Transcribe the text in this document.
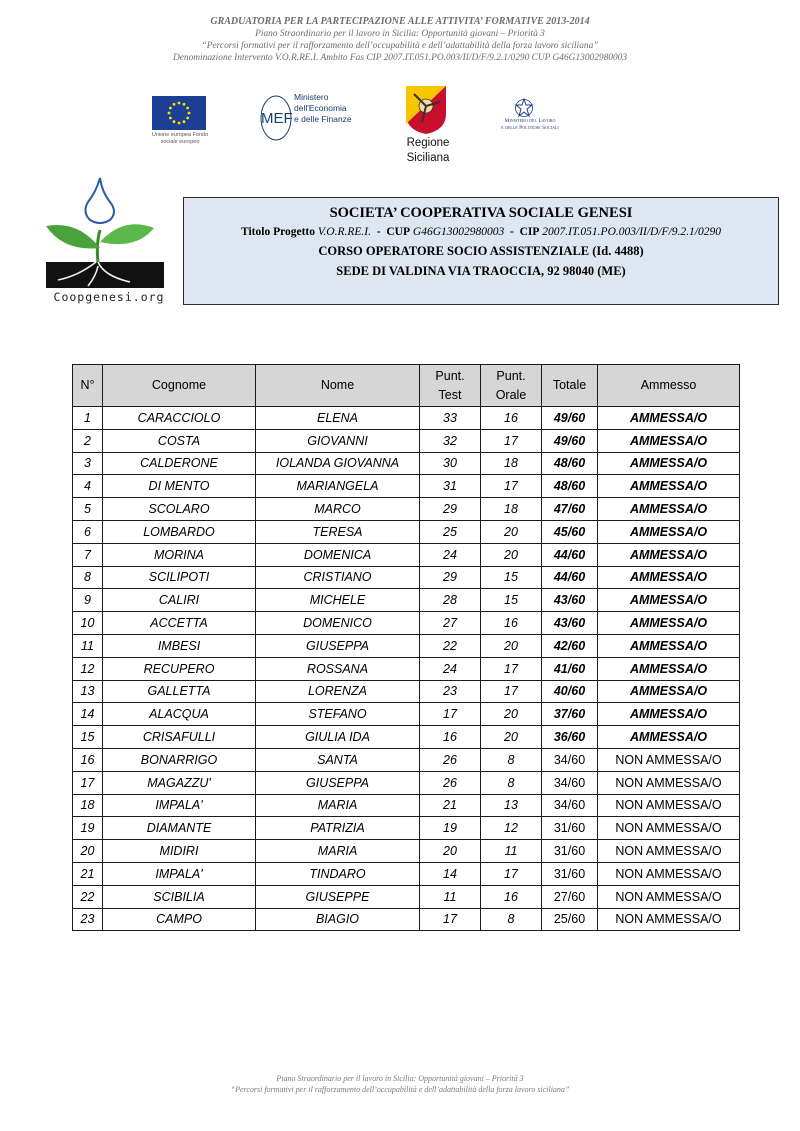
GRADUATORIA PER LA PARTECIPAZIONE ALLE ATTIVITA’ FORMATIVE 2013-2014
Piano Straordinario per il lavoro in Sicilia: Opportunità giovani – Priorità 3
“Percorsi formativi per il rafforzamento dell’occupabilità e dell’adattabilità della forza lavoro siciliana”
Denominazione Intervento V.O.R.RE.I. Ambito Fas CIP 2007.IT.051.PO.003/II/D/F/9.2.1/0290 CUP G46G13002980003
Unione europea Fondo sociale europeo
MEF
Ministero
dell'Economia
e delle Finanze
Regione
Siciliana
Ministero del Lavoro
e delle Politiche Sociali
Coopgenesi.org
SOCIETA’ COOPERATIVA SOCIALE GENESI
Titolo Progetto V.O.R.RE.I. - CUP G46G13002980003 - CIP 2007.IT.051.PO.003/II/D/F/9.2.1/0290
CORSO OPERATORE SOCIO ASSISTENZIALE (Id. 4488)
SEDE DI VALDINA VIA TRAOCCIA, 92 98040 (ME)
N°	Cognome	Nome	Punt.
Test	Punt.
Orale	Totale	Ammesso
1	CARACCIOLO	ELENA	33	16	49/60	AMMESSA/O
2	COSTA	GIOVANNI	32	17	49/60	AMMESSA/O
3	CALDERONE	IOLANDA GIOVANNA	30	18	48/60	AMMESSA/O
4	DI MENTO	MARIANGELA	31	17	48/60	AMMESSA/O
5	SCOLARO	MARCO	29	18	47/60	AMMESSA/O
6	LOMBARDO	TERESA	25	20	45/60	AMMESSA/O
7	MORINA	DOMENICA	24	20	44/60	AMMESSA/O
8	SCILIPOTI	CRISTIANO	29	15	44/60	AMMESSA/O
9	CALIRI	MICHELE	28	15	43/60	AMMESSA/O
10	ACCETTA	DOMENICO	27	16	43/60	AMMESSA/O
11	IMBESI	GIUSEPPA	22	20	42/60	AMMESSA/O
12	RECUPERO	ROSSANA	24	17	41/60	AMMESSA/O
13	GALLETTA	LORENZA	23	17	40/60	AMMESSA/O
14	ALACQUA	STEFANO	17	20	37/60	AMMESSA/O
15	CRISAFULLI	GIULIA IDA	16	20	36/60	AMMESSA/O
16	BONARRIGO	SANTA	26	8	34/60	NON AMMESSA/O
17	MAGAZZU'	GIUSEPPA	26	8	34/60	NON AMMESSA/O
18	IMPALA'	MARIA	21	13	34/60	NON AMMESSA/O
19	DIAMANTE	PATRIZIA	19	12	31/60	NON AMMESSA/O
20	MIDIRI	MARIA	20	11	31/60	NON AMMESSA/O
21	IMPALA'	TINDARO	14	17	31/60	NON AMMESSA/O
22	SCIBILIA	GIUSEPPE	11	16	27/60	NON AMMESSA/O
23	CAMPO	BIAGIO	17	8	25/60	NON AMMESSA/O
Piano Straordinario per il lavoro in Sicilia: Opportunità giovani – Priorità 3
“Percorsi formativi per il rafforzamento dell’occupabilità e dell’adattabilità della forza lavoro siciliana”
